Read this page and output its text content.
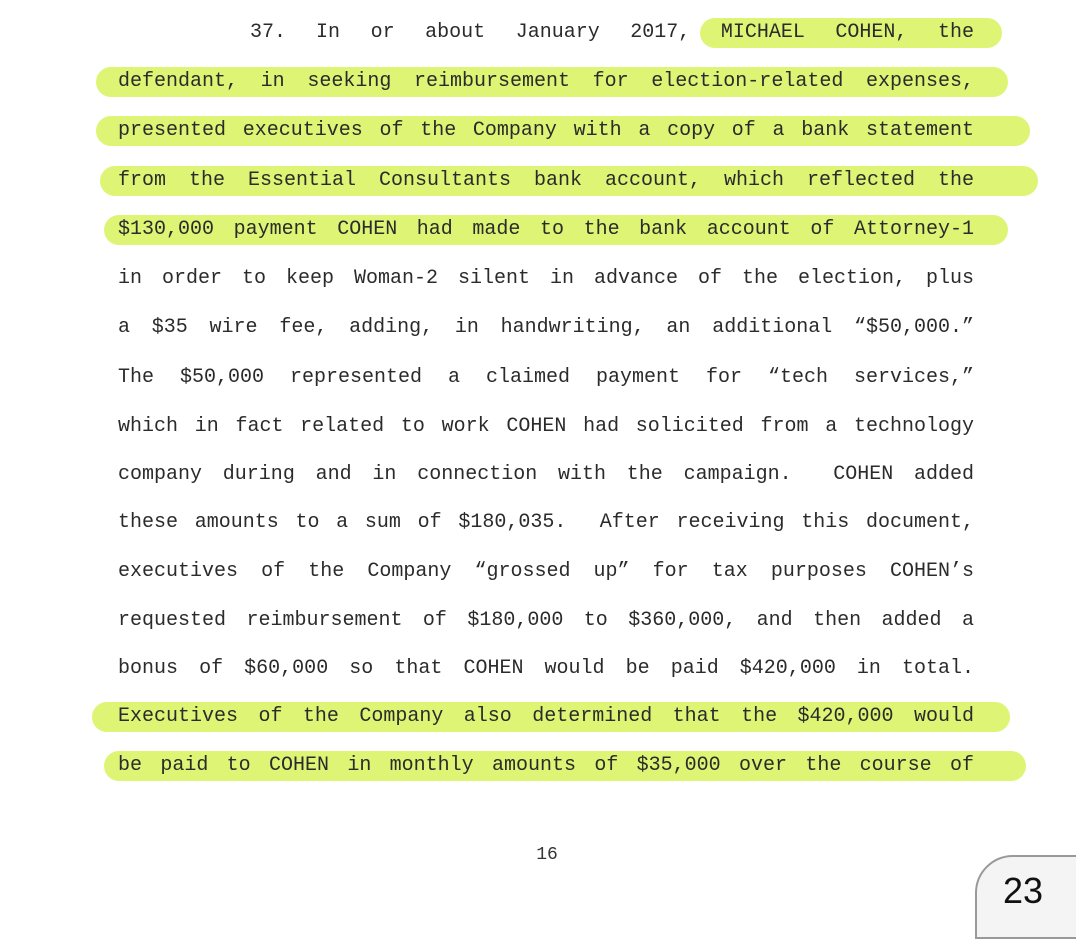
37. In or about January 2017, MICHAEL COHEN, the
defendant, in seeking reimbursement for election-related expenses,
presented executives of the Company with a copy of a bank statement
from the Essential Consultants bank account, which reflected the
$130,000 payment COHEN had made to the bank account of Attorney-1
in order to keep Woman-2 silent in advance of the election, plus
a $35 wire fee, adding, in handwriting, an additional “$50,000.”
The $50,000 represented a claimed payment for “tech services,”
which in fact related to work COHEN had solicited from a technology
company during and in connection with the campaign.  COHEN added
these amounts to a sum of $180,035.  After receiving this document,
executives of the Company “grossed up” for tax purposes COHEN’s
requested reimbursement of $180,000 to $360,000, and then added a
bonus of $60,000 so that COHEN would be paid $420,000 in total.
Executives of the Company also determined that the $420,000 would
be paid to COHEN in monthly amounts of $35,000 over the course of
16
23
